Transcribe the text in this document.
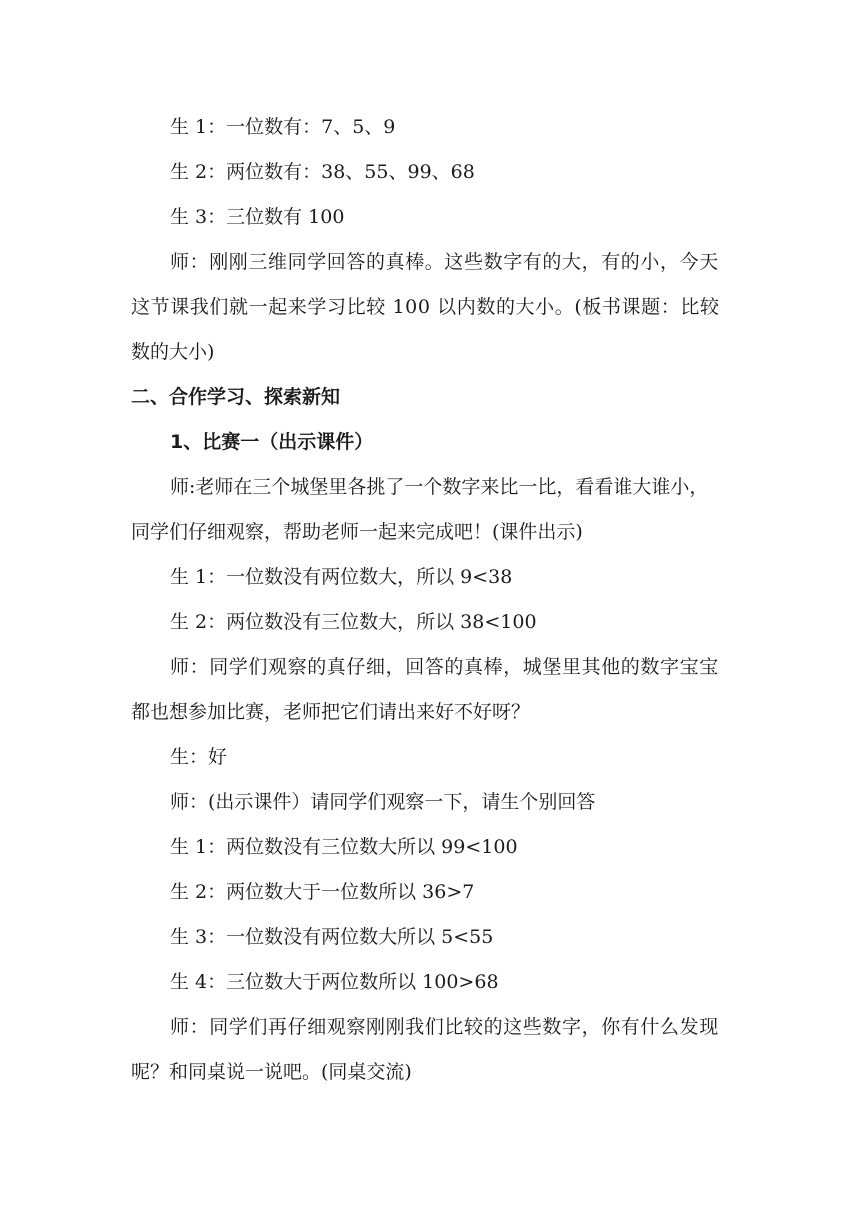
生 1：一位数有：7、5、9
生 2：两位数有：38、55、99、68
生 3：三位数有 100
师：刚刚三维同学回答的真棒。这些数字有的大，有的小，今天
这节课我们就一起来学习比较 100 以内数的大小。(板书课题：比较
数的大小)
二、合作学习、探索新知
1、比赛一（出示课件）
师:老师在三个城堡里各挑了一个数字来比一比，看看谁大谁小，
同学们仔细观察，帮助老师一起来完成吧！(课件出示)
生 1：一位数没有两位数大，所以 9<38
生 2：两位数没有三位数大，所以 38<100
师：同学们观察的真仔细，回答的真棒，城堡里其他的数字宝宝
都也想参加比赛，老师把它们请出来好不好呀？
生：好
师：(出示课件）请同学们观察一下，请生个别回答
生 1：两位数没有三位数大所以 99<100
生 2：两位数大于一位数所以 36>7
生 3：一位数没有两位数大所以 5<55
生 4：三位数大于两位数所以 100>68
师：同学们再仔细观察刚刚我们比较的这些数字，你有什么发现
呢？和同桌说一说吧。(同桌交流)
